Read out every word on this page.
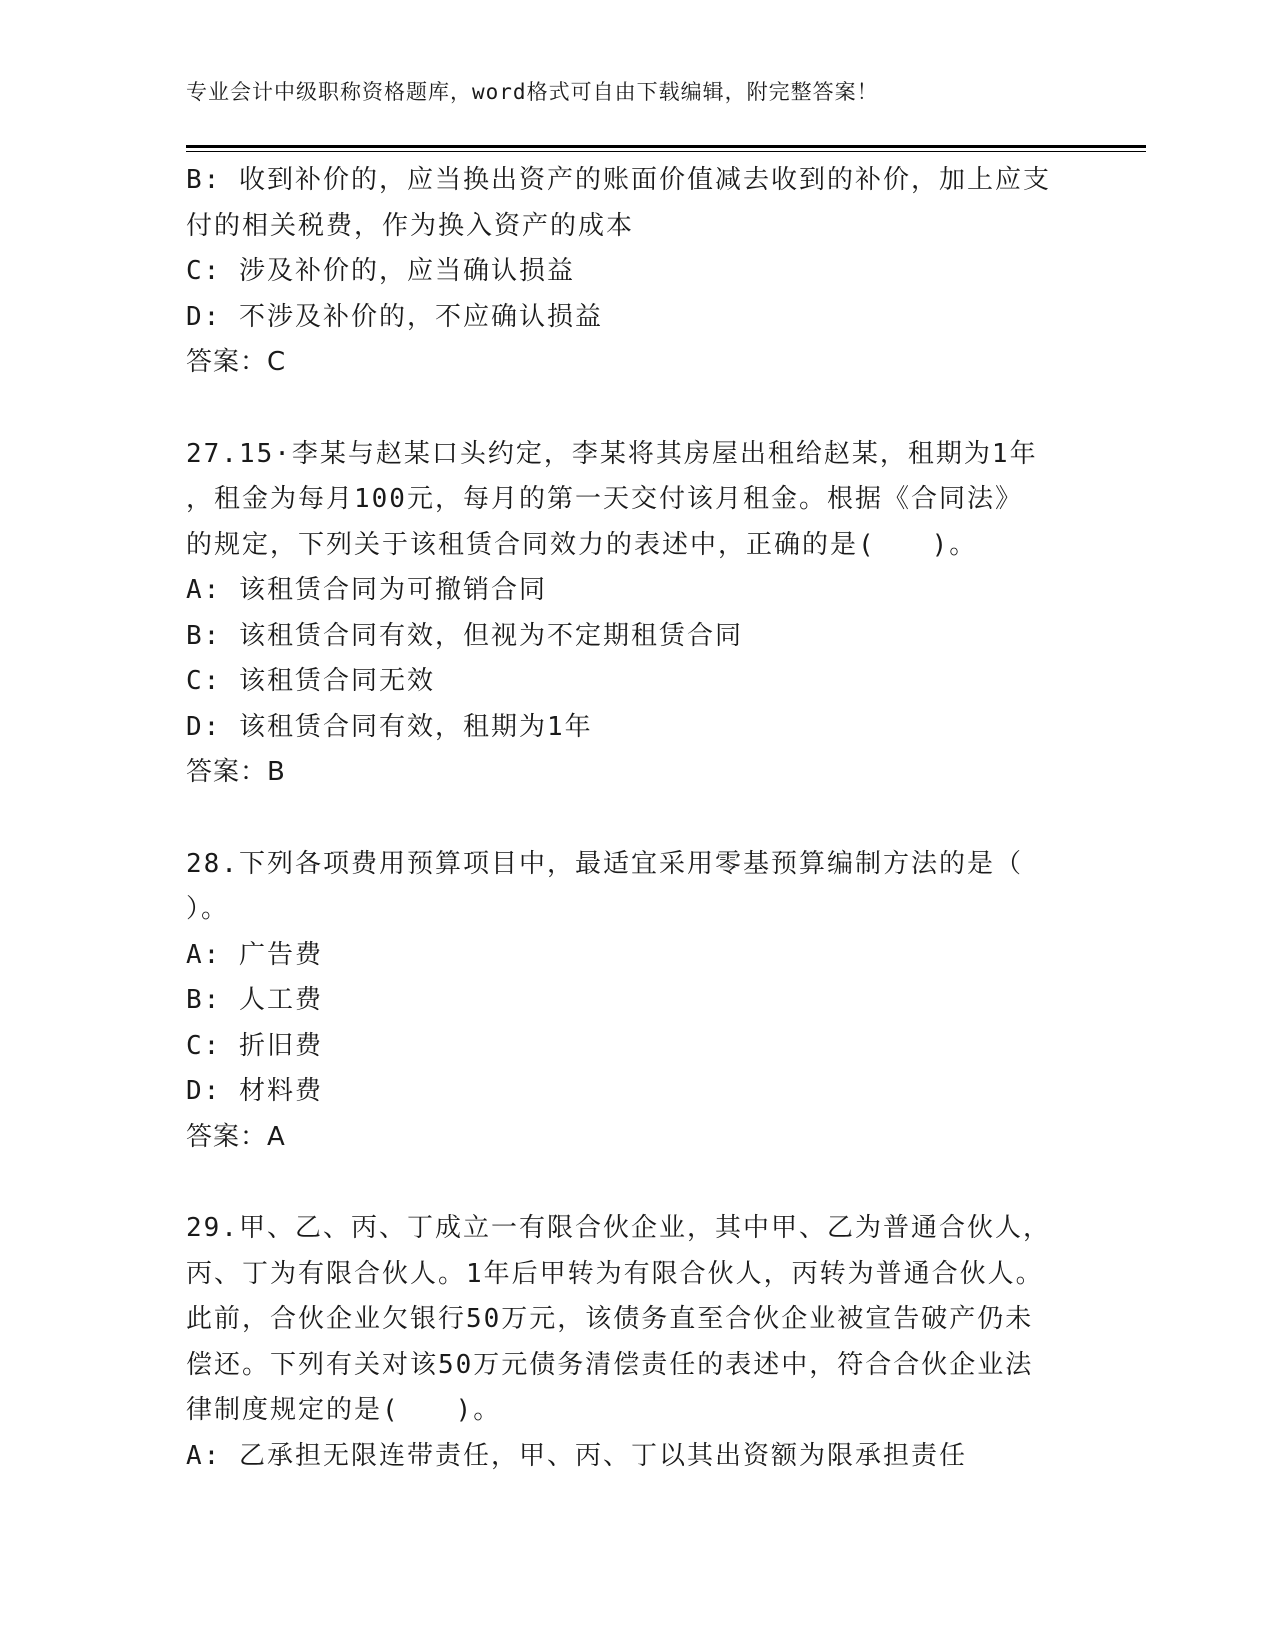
专业会计中级职称资格题库，word格式可自由下载编辑，附完整答案！
B: 收到补价的，应当换出资产的账面价值减去收到的补价，加上应支
付的相关税费，作为换入资产的成本
C: 涉及补价的，应当确认损益
D: 不涉及补价的，不应确认损益
答案：C
27.15·李某与赵某口头约定，李某将其房屋出租给赵某，租期为1年
，租金为每月100元，每月的第一天交付该月租金。根据《合同法》
的规定，下列关于该租赁合同效力的表述中，正确的是(　　)。
A: 该租赁合同为可撤销合同
B: 该租赁合同有效，但视为不定期租赁合同
C: 该租赁合同无效
D: 该租赁合同有效，租期为1年
答案：B
28.下列各项费用预算项目中，最适宜采用零基预算编制方法的是（
）。
A: 广告费
B: 人工费
C: 折旧费
D: 材料费
答案：A
29.甲、乙、丙、丁成立一有限合伙企业，其中甲、乙为普通合伙人，
丙、丁为有限合伙人。1年后甲转为有限合伙人，丙转为普通合伙人。
此前，合伙企业欠银行50万元，该债务直至合伙企业被宣告破产仍未
偿还。下列有关对该50万元债务清偿责任的表述中，符合合伙企业法
律制度规定的是(　　)。
A: 乙承担无限连带责任，甲、丙、丁以其出资额为限承担责任
